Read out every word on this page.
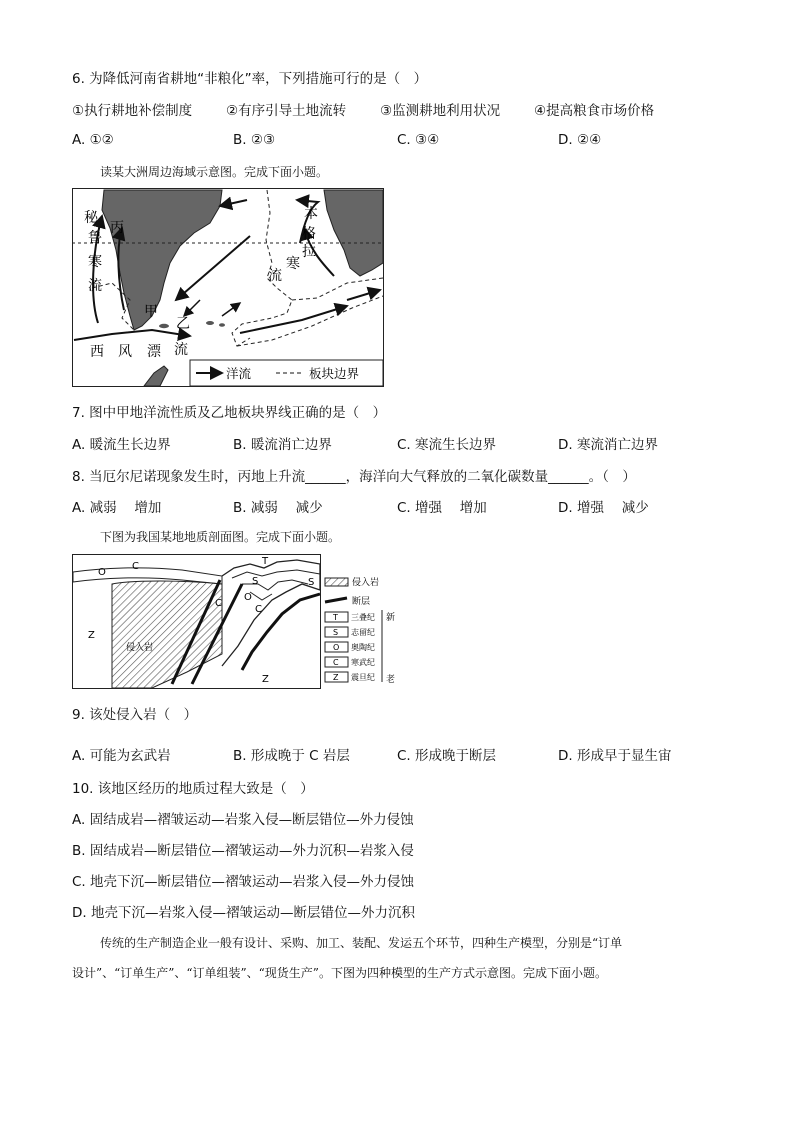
6. 为降低河南省耕地“非粮化”率，下列措施可行的是（　）
①执行耕地补偿制度	②有序引导土地流转	③监测耕地利用状况	④提高粮食市场价格
A. ①②	B. ②③	C. ③④	D. ②④
读某大洲周边海域示意图。完成下面小题。
秘
鲁
寒
流
丙
本
格
拉
寒
流
甲
乙
西 风 漂 流
洋流	板块边界
7. 图中甲地洋流性质及乙地板块界线正确的是（　）
A. 暖流生长边界	B. 暖流消亡边界	C. 寒流生长边界	D. 寒流消亡边界
8. 当厄尔尼诺现象发生时，丙地上升流______，海洋向大气释放的二氧化碳数量______。（　）
A. 减弱　 增加	B. 减弱　 减少	C. 增强　 增加	D. 增强　 减少
下图为我国某地地质剖面图。完成下面小题。
O
C	T
S	S
O
C
C
Z
Z
侵入岩
侵入岩
断层
T 三叠纪
S 志留纪
O 奥陶纪
C 寒武纪
Z 震旦纪
新
老
9. 该处侵入岩（　）
A. 可能为玄武岩	B. 形成晚于 C 岩层	C. 形成晚于断层	D. 形成早于显生宙
10. 该地区经历的地质过程大致是（　）
A. 固结成岩—褶皱运动—岩浆入侵—断层错位—外力侵蚀
B. 固结成岩—断层错位—褶皱运动—外力沉积—岩浆入侵
C. 地壳下沉—断层错位—褶皱运动—岩浆入侵—外力侵蚀
D. 地壳下沉—岩浆入侵—褶皱运动—断层错位—外力沉积
传统的生产制造企业一般有设计、采购、加工、装配、发运五个环节，四种生产模型，分别是“订单
设计”、“订单生产”、“订单组装”、“现货生产”。下图为四种模型的生产方式示意图。完成下面小题。
